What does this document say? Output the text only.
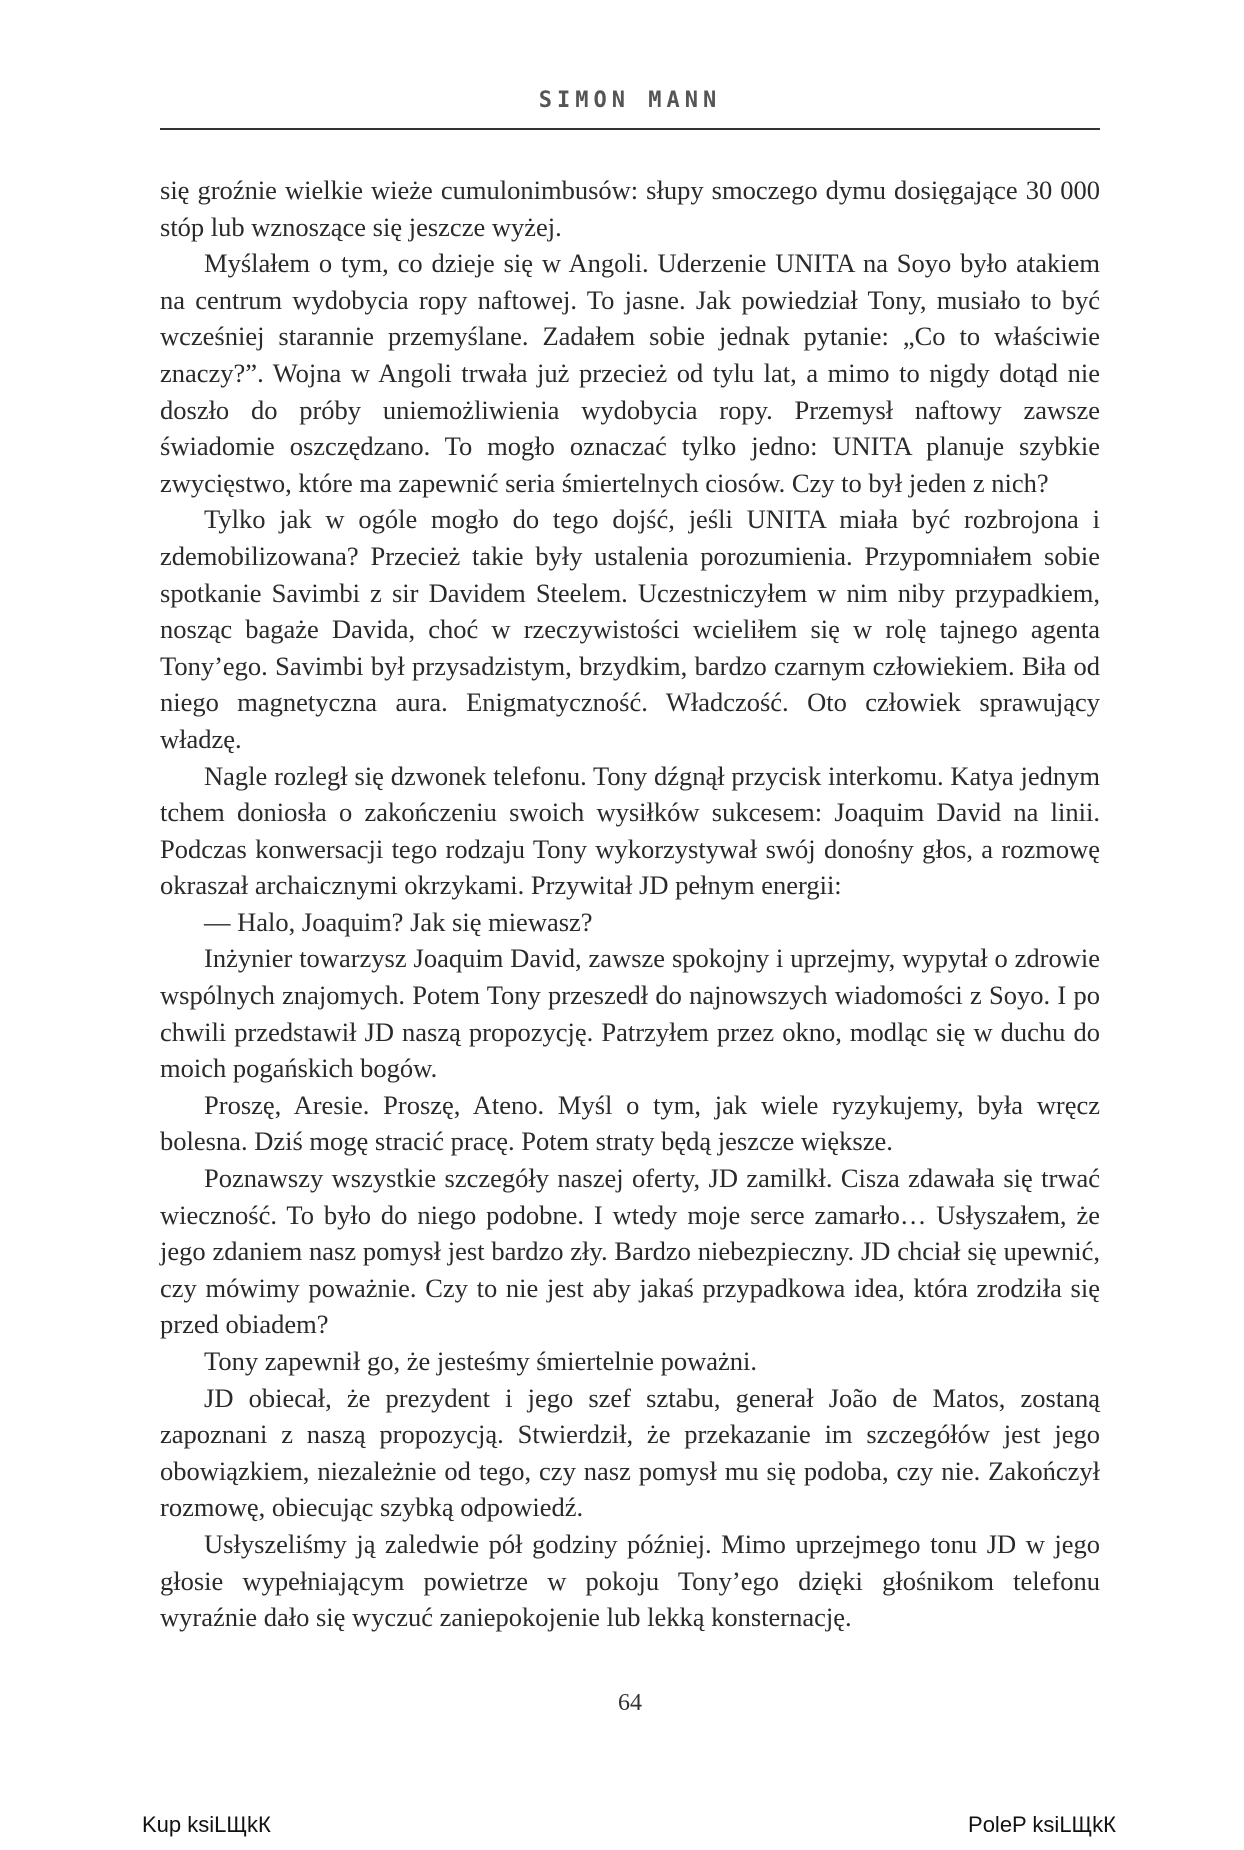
SIMON MANN

się groźnie wielkie wieże cumulonimbusów: słupy smoczego dymu dosięgające 30 000 stóp lub wznoszące się jeszcze wyżej.

Myślałem o tym, co dzieje się w Angoli. Uderzenie UNITA na Soyo było atakiem na centrum wydobycia ropy naftowej. To jasne. Jak powiedział Tony, musiało to być wcześniej starannie przemyślane. Zadałem sobie jednak pytanie: „Co to właściwie znaczy?”. Wojna w Angoli trwała już przecież od tylu lat, a mimo to nigdy dotąd nie doszło do próby uniemożliwienia wydobycia ropy. Przemysł naftowy zawsze świadomie oszczędzano. To mogło oznaczać tylko jedno: UNITA planuje szybkie zwycięstwo, które ma zapewnić seria śmiertelnych ciosów. Czy to był jeden z nich?

Tylko jak w ogóle mogło do tego dojść, jeśli UNITA miała być rozbrojona i zdemobilizowana? Przecież takie były ustalenia porozumienia. Przypomniałem sobie spotkanie Savimbi z sir Davidem Steelem. Uczestniczyłem w nim niby przypadkiem, nosząc bagaże Davida, choć w rzeczywistości wcieliłem się w rolę tajnego agenta Tony’ego. Savimbi był przysadzistym, brzydkim, bardzo czarnym człowiekiem. Biła od niego magnetyczna aura. Enigmatyczność. Władczość. Oto człowiek sprawujący władzę.

Nagle rozległ się dzwonek telefonu. Tony dźgnął przycisk interkomu. Katya jednym tchem doniosła o zakończeniu swoich wysiłków sukcesem: Joaquim David na linii. Podczas konwersacji tego rodzaju Tony wykorzystywał swój donośny głos, a rozmowę okraszał archaicznymi okrzykami. Przywitał JD pełnym energii:

— Halo, Joaquim? Jak się miewasz?

Inżynier towarzysz Joaquim David, zawsze spokojny i uprzejmy, wypytał o zdrowie wspólnych znajomych. Potem Tony przeszedł do najnowszych wiadomości z Soyo. I po chwili przedstawił JD naszą propozycję. Patrzyłem przez okno, modląc się w duchu do moich pogańskich bogów.

Proszę, Aresie. Proszę, Ateno. Myśl o tym, jak wiele ryzykujemy, była wręcz bolesna. Dziś mogę stracić pracę. Potem straty będą jeszcze większe.

Poznawszy wszystkie szczegóły naszej oferty, JD zamilkł. Cisza zdawała się trwać wieczność. To było do niego podobne. I wtedy moje serce zamarło… Usłyszałem, że jego zdaniem nasz pomysł jest bardzo zły. Bardzo niebezpieczny. JD chciał się upewnić, czy mówimy poważnie. Czy to nie jest aby jakaś przypadkowa idea, która zrodziła się przed obiadem?

Tony zapewnił go, że jesteśmy śmiertelnie poważni.

JD obiecał, że prezydent i jego szef sztabu, generał João de Matos, zostaną zapoznani z naszą propozycją. Stwierdził, że przekazanie im szczegółów jest jego obowiązkiem, niezależnie od tego, czy nasz pomysł mu się podoba, czy nie. Zakończył rozmowę, obiecując szybką odpowiedź.

Usłyszeliśmy ją zaledwie pół godziny później. Mimo uprzejmego tonu JD w jego głosie wypełniającym powietrze w pokoju Tony’ego dzięki głośnikom telefonu wyraźnie dało się wyczuć zaniepokojenie lub lekką konsternację.

64
Kup ksiLЩkК	PoleP ksiLЩkК
